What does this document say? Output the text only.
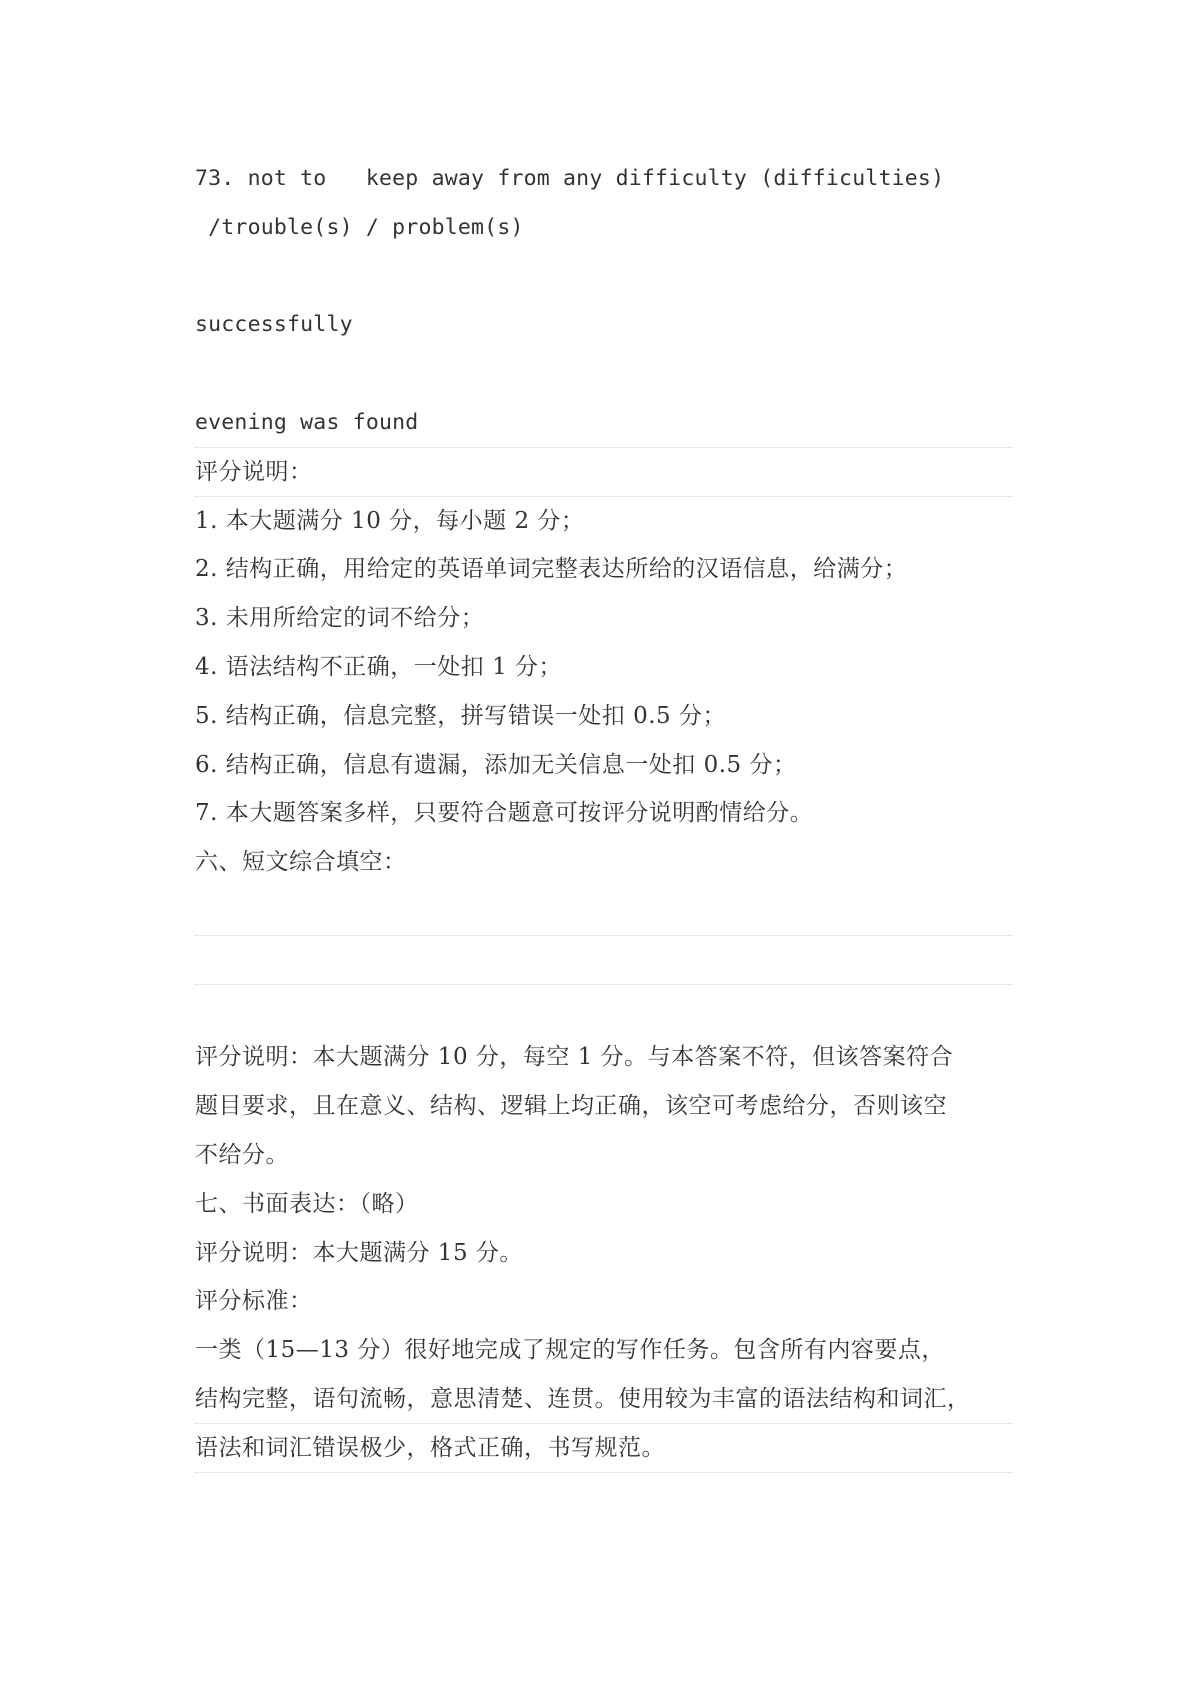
73. not to   keep away from any difficulty (difficulties)
/trouble(s) / problem(s)

successfully

evening was found
评分说明：
1. 本大题满分 10 分，每小题 2 分；
2. 结构正确，用给定的英语单词完整表达所给的汉语信息，给满分；
3. 未用所给定的词不给分；
4. 语法结构不正确，一处扣 1 分；
5. 结构正确，信息完整，拼写错误一处扣 0.5 分；
6. 结构正确，信息有遗漏，添加无关信息一处扣 0.5 分；
7. 本大题答案多样，只要符合题意可按评分说明酌情给分。
六、短文综合填空：

评分说明：本大题满分 10 分，每空 1 分。与本答案不符，但该答案符合
题目要求，且在意义、结构、逻辑上均正确，该空可考虑给分，否则该空
不给分。
七、书面表达：（略）
评分说明：本大题满分 15 分。
评分标准：
一类（15—13 分）很好地完成了规定的写作任务。包含所有内容要点，
结构完整，语句流畅，意思清楚、连贯。使用较为丰富的语法结构和词汇，
语法和词汇错误极少，格式正确，书写规范。
